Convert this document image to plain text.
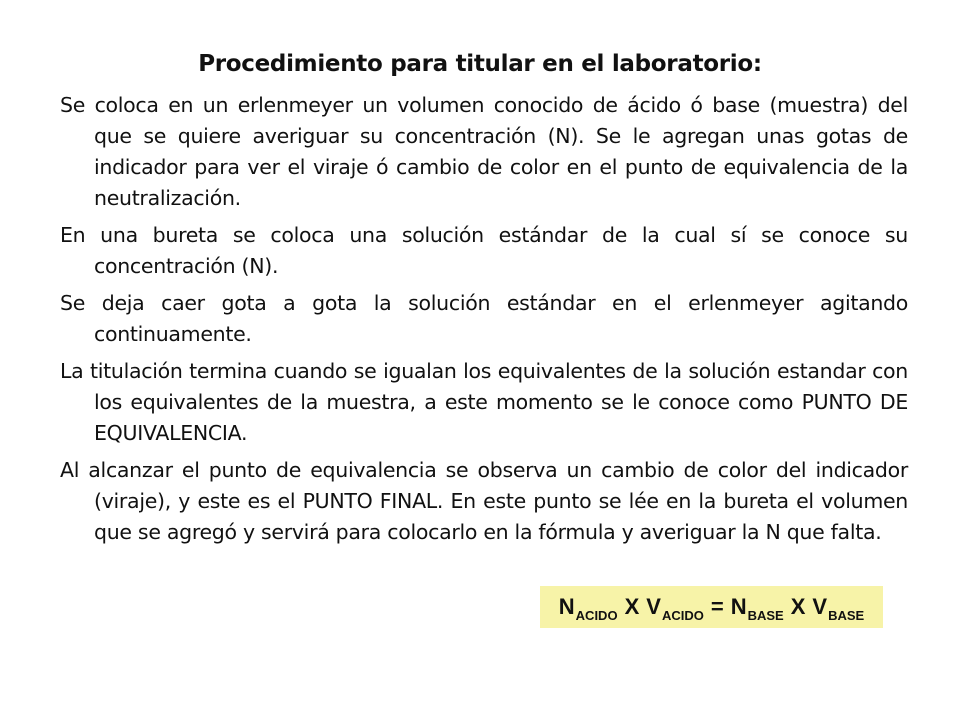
Procedimiento para titular en el laboratorio:

Se coloca en un erlenmeyer un volumen conocido de ácido ó base (muestra) del que se quiere averiguar su concentración (N). Se le agregan unas gotas de indicador para ver el viraje ó cambio de color en el punto de equivalencia de la neutralización.

En una bureta se coloca una solución estándar de la cual sí se conoce su concentración (N).

Se deja caer gota a gota la solución estándar en el erlenmeyer agitando continuamente.

La titulación termina cuando se igualan los equivalentes de la solución estandar con los equivalentes de la muestra, a este momento se le conoce como PUNTO DE EQUIVALENCIA.

Al alcanzar el punto de equivalencia se observa un cambio de color del indicador (viraje), y este es el PUNTO FINAL. En este punto se lée en la bureta el volumen que se agregó y servirá para colocarlo en la fórmula y averiguar la N que falta.

$N_{ACIDO}$ X $V_{ACIDO} = N_{BASE}$ X $V_{BASE}$
